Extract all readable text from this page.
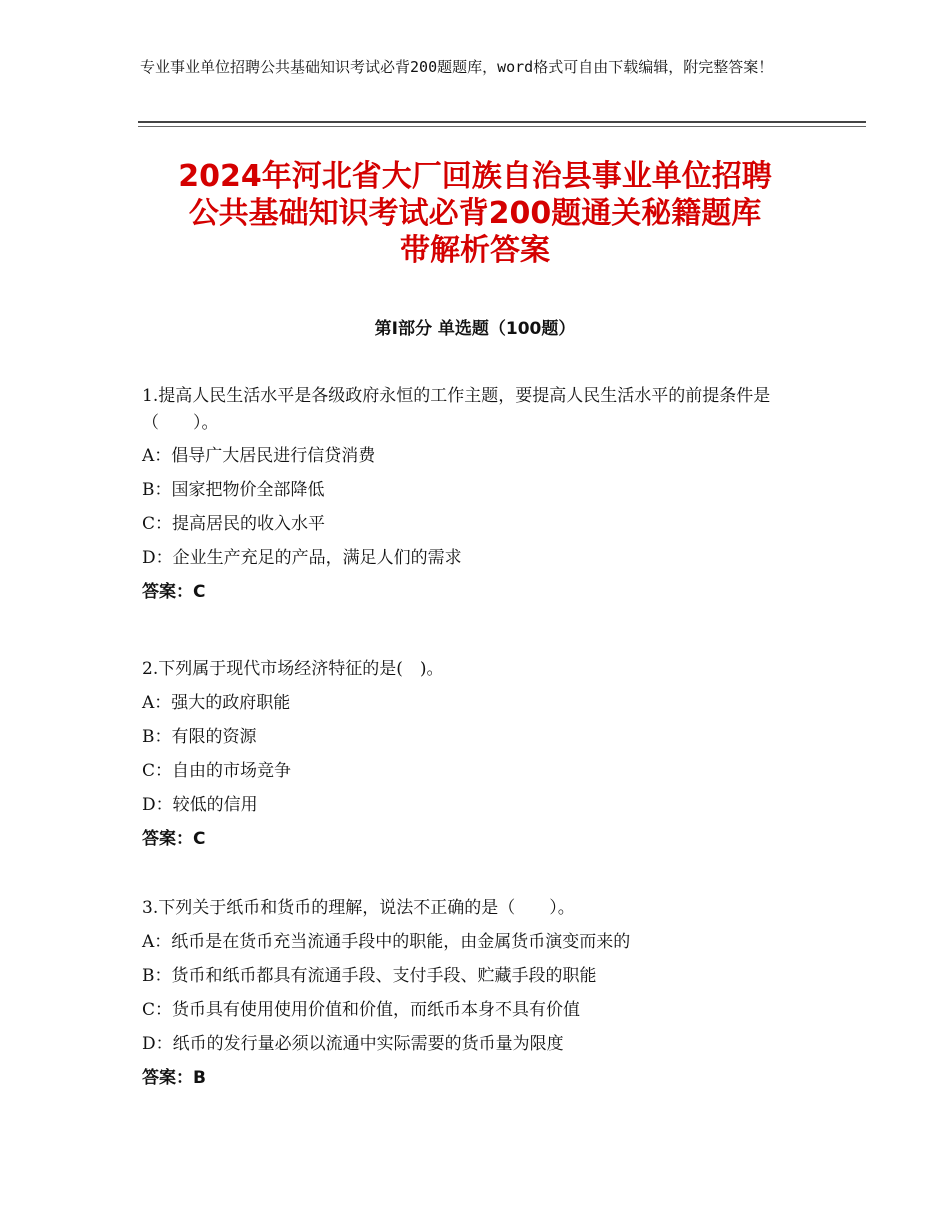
专业事业单位招聘公共基础知识考试必背200题题库，word格式可自由下载编辑，附完整答案！
2024年河北省大厂回族自治县事业单位招聘
公共基础知识考试必背200题通关秘籍题库
带解析答案
第Ⅰ部分 单选题（100题）
1.提高人民生活水平是各级政府永恒的工作主题，要提高人民生活水平的前提条件是（　　）。
A：倡导广大居民进行信贷消费
B：国家把物价全部降低
C：提高居民的收入水平
D：企业生产充足的产品，满足人们的需求
答案：C
2.下列属于现代市场经济特征的是(　)。
A：强大的政府职能
B：有限的资源
C：自由的市场竞争
D：较低的信用
答案：C
3.下列关于纸币和货币的理解，说法不正确的是（　　）。
A：纸币是在货币充当流通手段中的职能，由金属货币演变而来的
B：货币和纸币都具有流通手段、支付手段、贮藏手段的职能
C：货币具有使用使用价值和价值，而纸币本身不具有价值
D：纸币的发行量必须以流通中实际需要的货币量为限度
答案：B
